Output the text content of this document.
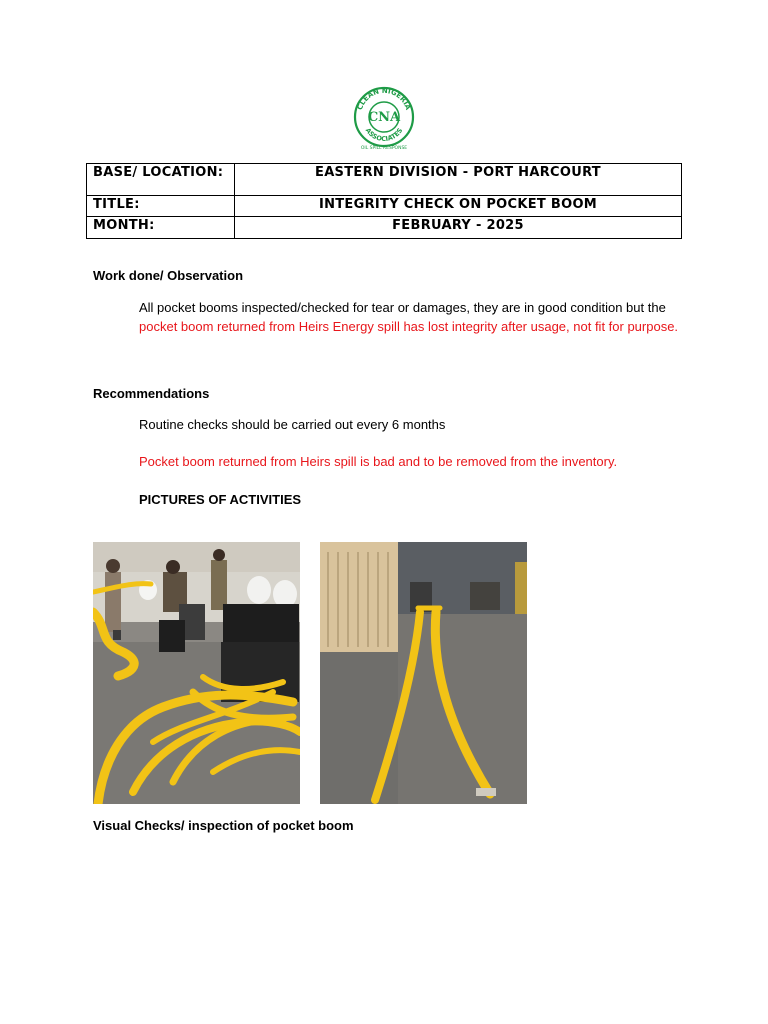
CLEAN NIGERIA
ASSOCIATES
CNA
OIL SPILL RESPONSE
BASE/ LOCATION:	EASTERN DIVISION - PORT HARCOURT
TITLE:	INTEGRITY CHECK ON POCKET BOOM
MONTH:	FEBRUARY - 2025
Work done/ Observation
All pocket booms inspected/checked for tear or damages, they are in good condition but the pocket boom returned from Heirs Energy spill has lost integrity after usage, not fit for purpose.
Recommendations
Routine checks should be carried out every 6 months
Pocket boom returned from Heirs spill is bad and to be removed from the inventory.
PICTURES OF ACTIVITIES
Visual Checks/ inspection of pocket boom
